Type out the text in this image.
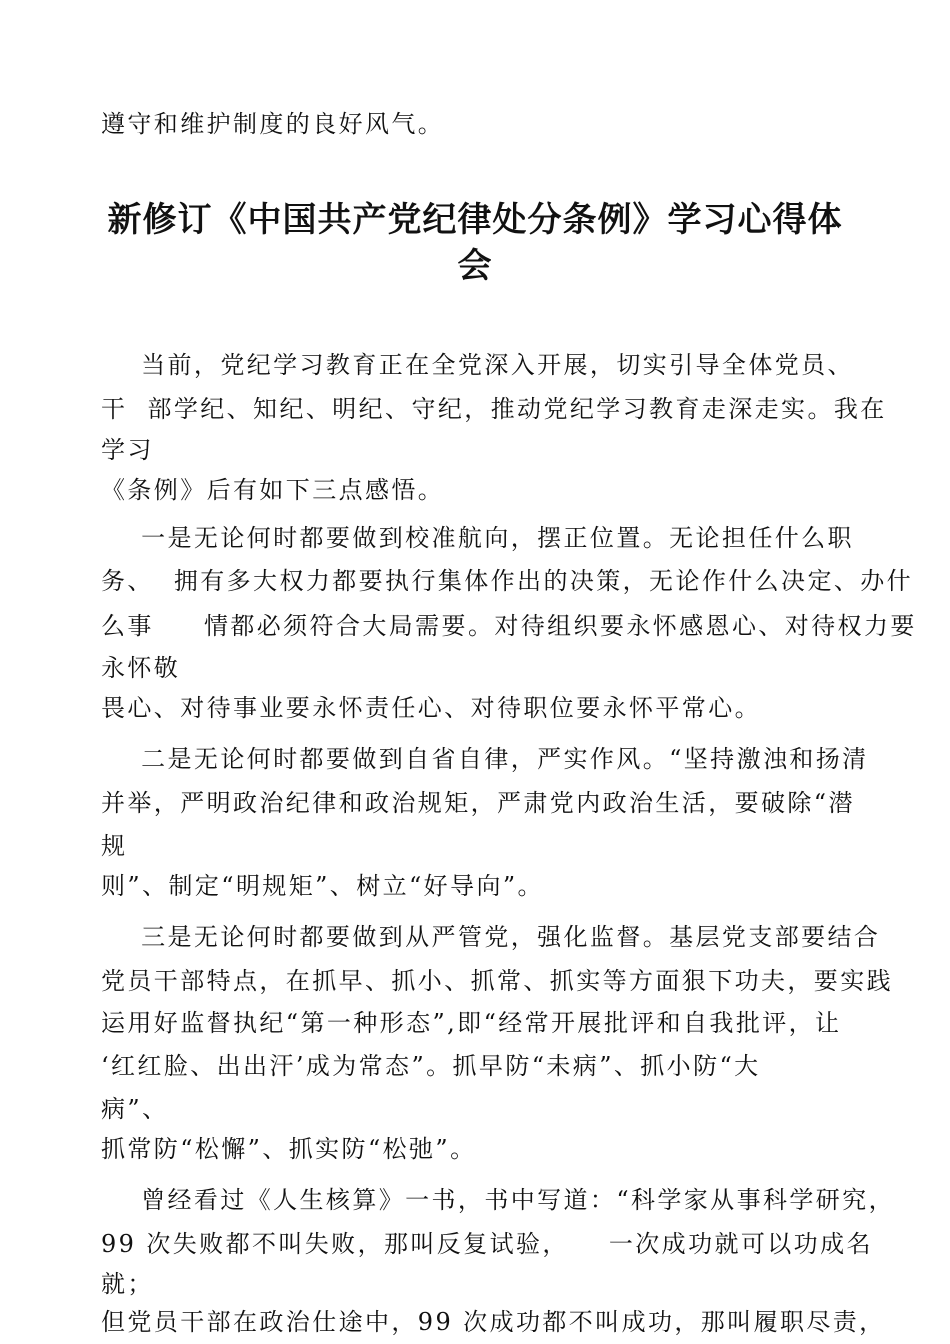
遵守和维护制度的良好风气。
新修订《中国共产党纪律处分条例》学习心得体
会
当前，党纪学习教育正在全党深入开展，切实引导全体党员、
干  部学纪、知纪、明纪、守纪，推动党纪学习教育走深走实。我在
学习
《条例》后有如下三点感悟。
一是无论何时都要做到校准航向，摆正位置。无论担任什么职
务、  拥有多大权力都要执行集体作出的决策，无论作什么决定、办什
么事     情都必须符合大局需要。对待组织要永怀感恩心、对待权力要
永怀敬
畏心、对待事业要永怀责任心、对待职位要永怀平常心。
二是无论何时都要做到自省自律，严实作风。“坚持激浊和扬清
并举，严明政治纪律和政治规矩，严肃党内政治生活，要破除“潜
规
则”、制定“明规矩”、树立“好导向”。
三是无论何时都要做到从严管党，强化监督。基层党支部要结合
党员干部特点，在抓早、抓小、抓常、抓实等方面狠下功夫，要实践
运用好监督执纪“第一种形态”,即“经常开展批评和自我批评，让
‘红红脸、出出汗’成为常态”。抓早防“未病”、抓小防“大
病”、
抓常防“松懈”、抓实防“松弛”。
曾经看过《人生核算》一书，书中写道：“科学家从事科学研究，
99 次失败都不叫失败，那叫反复试验，    一次成功就可以功成名
就；
但党员干部在政治仕途中，99 次成功都不叫成功，那叫履职尽责，
